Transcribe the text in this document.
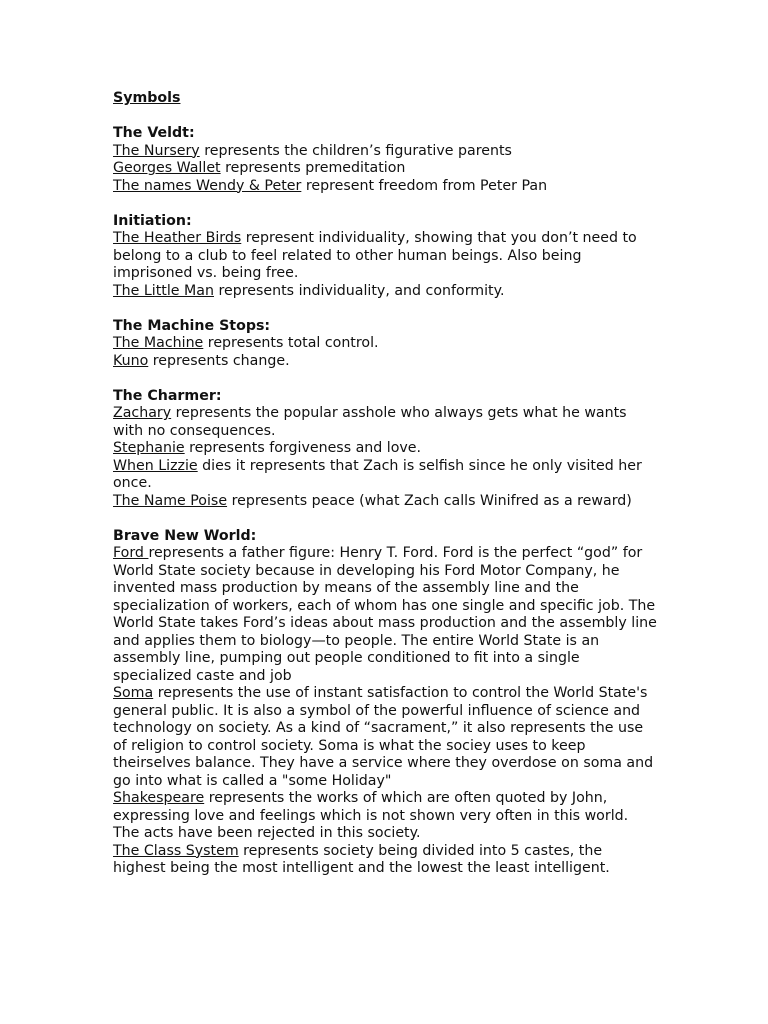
Symbols
The Veldt:
The Nursery represents the children’s figurative parents
Georges Wallet represents premeditation
The names Wendy & Peter represent freedom from Peter Pan
Initiation:
The Heather Birds represent individuality, showing that you don’t need to belong to a club to feel related to other human beings. Also being imprisoned vs. being free.
The Little Man represents individuality, and conformity.
The Machine Stops:
The Machine represents total control.
Kuno represents change.
The Charmer:
Zachary represents the popular asshole who always gets what he wants with no consequences.
Stephanie represents forgiveness and love.
When Lizzie dies it represents that Zach is selfish since he only visited her once.
The Name Poise represents peace (what Zach calls Winifred as a reward)
Brave New World:
Ford represents a father figure: Henry T. Ford. Ford is the perfect “god” for World State society because in developing his Ford Motor Company, he invented mass production by means of the assembly line and the specialization of workers, each of whom has one single and specific job. The World State takes Ford’s ideas about mass production and the assembly line and applies them to biology—to people. The entire World State is an assembly line, pumping out people conditioned to fit into a single specialized caste and job
Soma represents the use of instant satisfaction to control the World State's general public. It is also a symbol of the powerful influence of science and technology on society. As a kind of “sacrament,” it also represents the use of religion to control society. Soma is what the sociey uses to keep theirselves balance. They have a service where they overdose on soma and go into what is called a "some Holiday"
Shakespeare represents the works of which are often quoted by John, expressing love and feelings which is not shown very often in this world. The acts have been rejected in this society.
The Class System represents society being divided into 5 castes, the highest being the most intelligent and the lowest the least intelligent.
